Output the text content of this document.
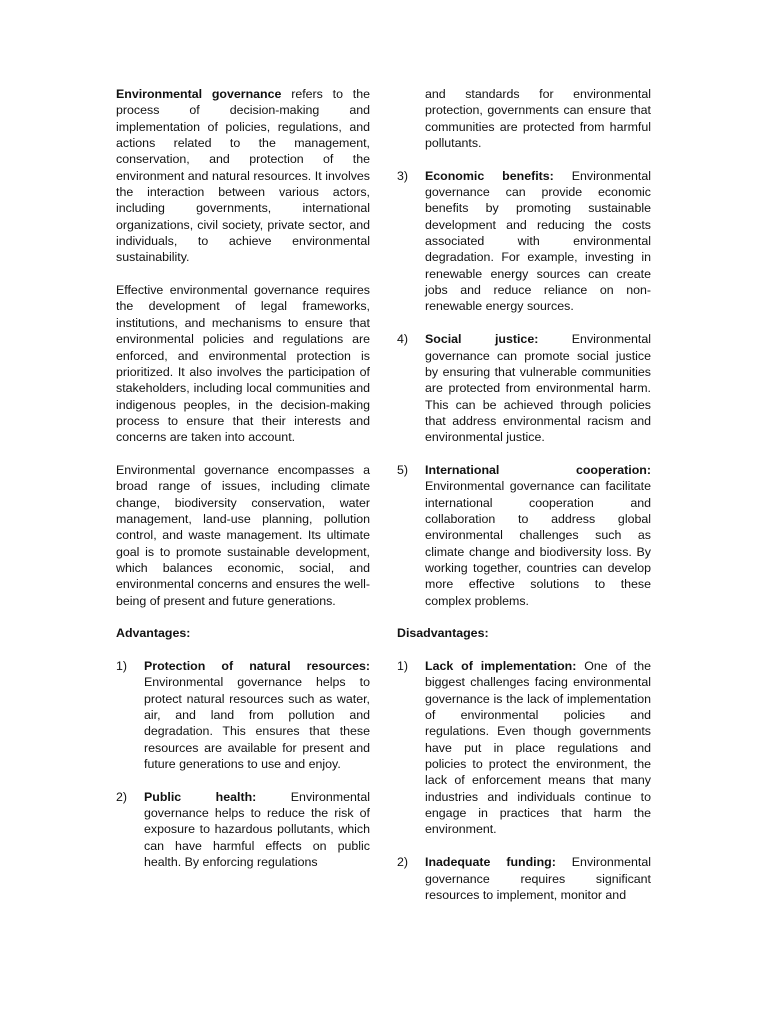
Environmental governance refers to the process of decision-making and implementation of policies, regulations, and actions related to the management, conservation, and protection of the environment and natural resources. It involves the interaction between various actors, including governments, international organizations, civil society, private sector, and individuals, to achieve environmental sustainability.

Effective environmental governance requires the development of legal frameworks, institutions, and mechanisms to ensure that environmental policies and regulations are enforced, and environmental protection is prioritized. It also involves the participation of stakeholders, including local communities and indigenous peoples, in the decision-making process to ensure that their interests and concerns are taken into account.

Environmental governance encompasses a broad range of issues, including climate change, biodiversity conservation, water management, land-use planning, pollution control, and waste management. Its ultimate goal is to promote sustainable development, which balances economic, social, and environmental concerns and ensures the well-being of present and future generations.

Advantages:
1) Protection of natural resources: Environmental governance helps to protect natural resources such as water, air, and land from pollution and degradation. This ensures that these resources are available for present and future generations to use and enjoy.
2) Public health: Environmental governance helps to reduce the risk of exposure to hazardous pollutants, which can have harmful effects on public health. By enforcing regulations
and standards for environmental protection, governments can ensure that communities are protected from harmful pollutants.
3) Economic benefits: Environmental governance can provide economic benefits by promoting sustainable development and reducing the costs associated with environmental degradation. For example, investing in renewable energy sources can create jobs and reduce reliance on non-renewable energy sources.
4) Social justice: Environmental governance can promote social justice by ensuring that vulnerable communities are protected from environmental harm. This can be achieved through policies that address environmental racism and environmental justice.
5) International cooperation: Environmental governance can facilitate international cooperation and collaboration to address global environmental challenges such as climate change and biodiversity loss. By working together, countries can develop more effective solutions to these complex problems.
Disadvantages:
1) Lack of implementation: One of the biggest challenges facing environmental governance is the lack of implementation of environmental policies and regulations. Even though governments have put in place regulations and policies to protect the environment, the lack of enforcement means that many industries and individuals continue to engage in practices that harm the environment.
2) Inadequate funding: Environmental governance requires significant resources to implement, monitor and
